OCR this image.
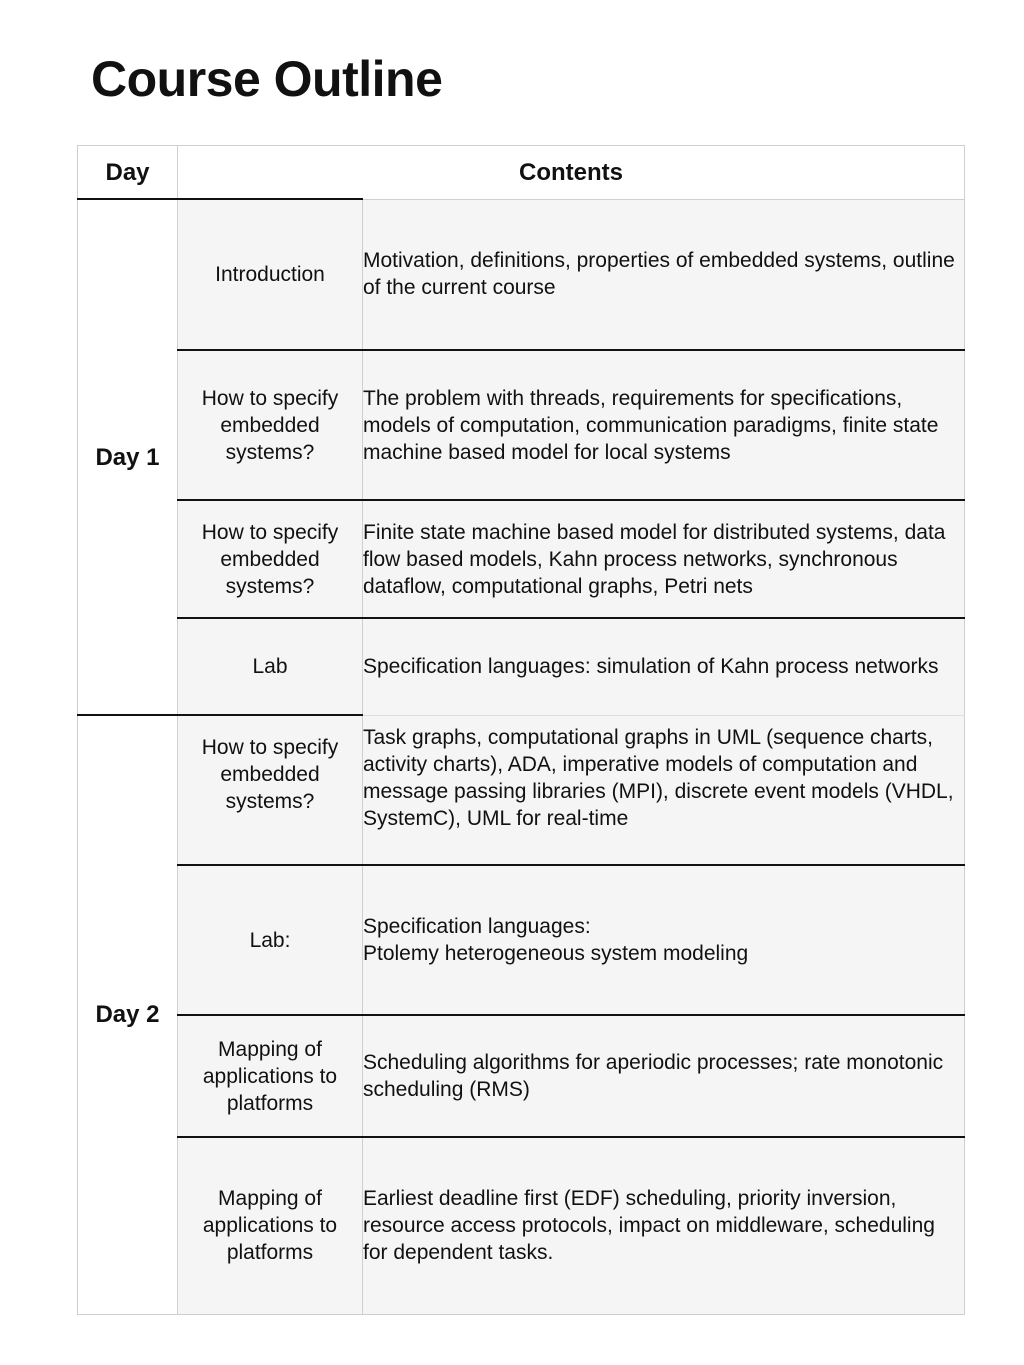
Course Outline
Day	Contents	
Day 1	Introduction	Motivation, definitions, properties of embedded systems, outline of the current course
	How to specify embedded systems?	The problem with threads, requirements for specifications, models of computation, communication paradigms, finite state machine based model for local systems
	How to specify embedded systems?	Finite state machine based model for distributed systems, data flow based models, Kahn process networks, synchronous dataflow, computational graphs, Petri nets
	Lab	Specification languages: simulation of Kahn process networks
Day 2	How to specify embedded systems?	Task graphs, computational graphs in UML (sequence charts, activity charts), ADA, imperative models of computation and message passing libraries (MPI), discrete event models (VHDL, SystemC), UML for real-time
	Lab:	Specification languages:
Ptolemy heterogeneous system modeling

	Mapping of applications to platforms	Scheduling algorithms for aperiodic processes; rate monotonic scheduling (RMS)
	Mapping of applications to platforms	Earliest deadline first (EDF) scheduling, priority inversion, resource access protocols, impact on middleware, scheduling for dependent tasks.
